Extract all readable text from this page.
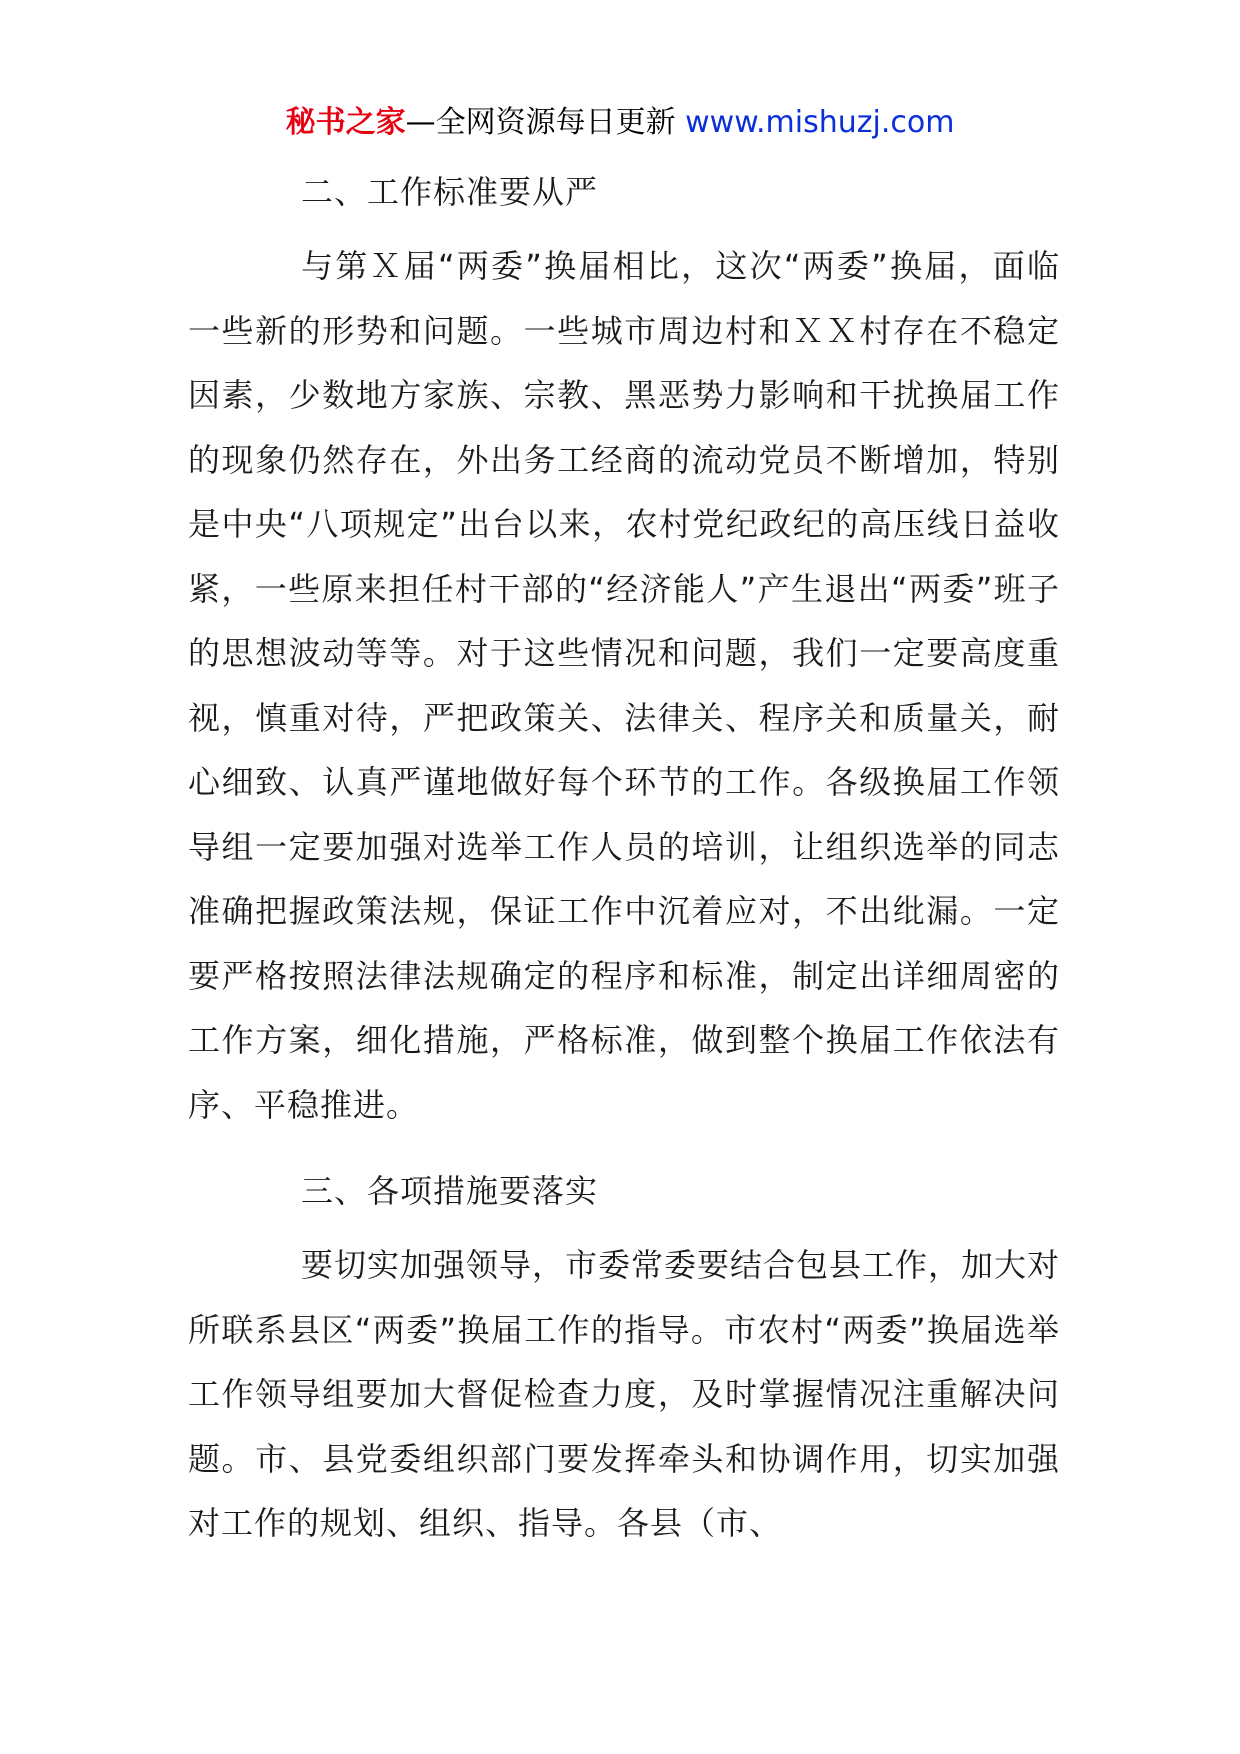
秘书之家—全网资源每日更新 www.mishuzj.com

二、工作标准要从严

与第Ｘ届“两委”换届相比，这次“两委”换届，面临一些新的形势和问题。一些城市周边村和ＸＸ村存在不稳定因素，少数地方家族、宗教、黑恶势力影响和干扰换届工作的现象仍然存在，外出务工经商的流动党员不断增加，特别是中央“八项规定”出台以来，农村党纪政纪的高压线日益收紧，一些原来担任村干部的“经济能人”产生退出“两委”班子的思想波动等等。对于这些情况和问题，我们一定要高度重视，慎重对待，严把政策关、法律关、程序关和质量关，耐心细致、认真严谨地做好每个环节的工作。各级换届工作领导组一定要加强对选举工作人员的培训，让组织选举的同志准确把握政策法规，保证工作中沉着应对，不出纰漏。一定要严格按照法律法规确定的程序和标准，制定出详细周密的工作方案，细化措施，严格标准，做到整个换届工作依法有序、平稳推进。

三、各项措施要落实

要切实加强领导，市委常委要结合包县工作，加大对所联系县区“两委”换届工作的指导。市农村“两委”换届选举工作领导组要加大督促检查力度，及时掌握情况注重解决问题。市、县党委组织部门要发挥牵头和协调作用，切实加强对工作的规划、组织、指导。各县（市、
